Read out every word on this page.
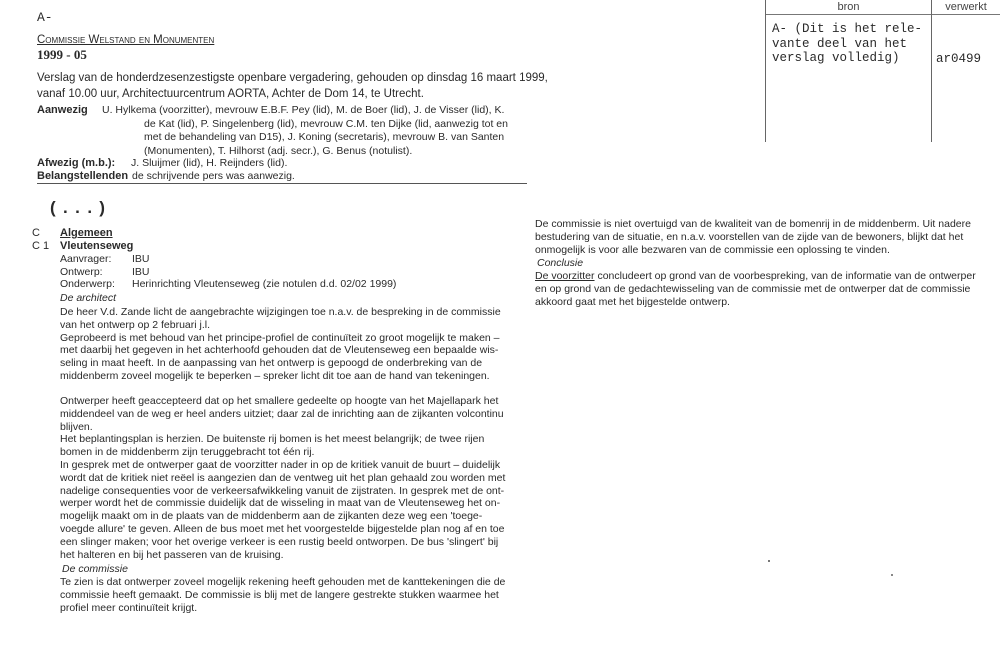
A-
Commissie Welstand en Monumenten
1999 - 05
Verslag van de honderdzesenzestigste openbare vergadering, gehouden op dinsdag 16 maart 1999,
vanaf 10.00 uur, Architectuurcentrum AORTA, Achter de Dom 14, te Utrecht.
Aanwezig U. Hylkema (voorzitter), mevrouw E.B.F. Pey (lid), M. de Boer (lid), J. de Visser (lid), K.
de Kat (lid), P. Singelenberg (lid), mevrouw C.M. ten Dijke (lid, aanwezig tot en
met de behandeling van D15), J. Koning (secretaris), mevrouw B. van Santen
(Monumenten), T. Hilhorst (adj. secr.), G. Benus (notulist).
Afwezig (m.b.): J. Sluijmer (lid), H. Reijnders (lid).
Belangstellenden de schrijvende pers was aanwezig.
bron	verwerkt
A- (Dit is het rele-
vante deel van het
verslag volledig)	ar0499
(...)
C Algemeen
C 1 Vleutenseweg
Aanvrager: IBU
Ontwerp:	IBU
Onderwerp: Herinrichting Vleutenseweg (zie notulen d.d. 02/02 1999)
De architect
De heer V.d. Zande licht de aangebrachte wijzigingen toe n.a.v. de bespreking in de commissie
van het ontwerp op 2 februari j.l.
Geprobeerd is met behoud van het principe-profiel de continuïteit zo groot mogelijk te maken –
met daarbij het gegeven in het achterhoofd gehouden dat de Vleutenseweg een bepaalde wis-
seling in maat heeft. In de aanpassing van het ontwerp is gepoogd de onderbreking van de
middenberm zoveel mogelijk te beperken – spreker licht dit toe aan de hand van tekeningen.
Ontwerper heeft geaccepteerd dat op het smallere gedeelte op hoogte van het Majellapark het
middendeel van de weg er heel anders uitziet; daar zal de inrichting aan de zijkanten volcontinu
blijven.
Het beplantingsplan is herzien. De buitenste rij bomen is het meest belangrijk; de twee rijen
bomen in de middenberm zijn teruggebracht tot één rij.
In gesprek met de ontwerper gaat de voorzitter nader in op de kritiek vanuit de buurt – duidelijk
wordt dat de kritiek niet reëel is aangezien dan de ventweg uit het plan gehaald zou worden met
nadelige consequenties voor de verkeersafwikkeling vanuit de zijstraten. In gesprek met de ont-
werper wordt het de commissie duidelijk dat de wisseling in maat van de Vleutenseweg het on-
mogelijk maakt om in de plaats van de middenberm aan de zijkanten deze weg een 'toege-
voegde allure' te geven. Alleen de bus moet met het voorgestelde bijgestelde plan nog af en toe
een slinger maken; voor het overige verkeer is een rustig beeld ontworpen. De bus 'slingert' bij
het halteren en bij het passeren van de kruising.
De commissie
Te zien is dat ontwerper zoveel mogelijk rekening heeft gehouden met de kanttekeningen die de
commissie heeft gemaakt. De commissie is blij met de langere gestrekte stukken waarmee het
profiel meer continuïteit krijgt.
De commissie is niet overtuigd van de kwaliteit van de bomenrij in de middenberm. Uit nadere
bestudering van de situatie, en n.a.v. voorstellen van de zijde van de bewoners, blijkt dat het
onmogelijk is voor alle bezwaren van de commissie een oplossing te vinden.
Conclusie
De voorzitter concludeert op grond van de voorbespreking, van de informatie van de ontwerper
en op grond van de gedachtewisseling van de commissie met de ontwerper dat de commissie
akkoord gaat met het bijgestelde ontwerp.
